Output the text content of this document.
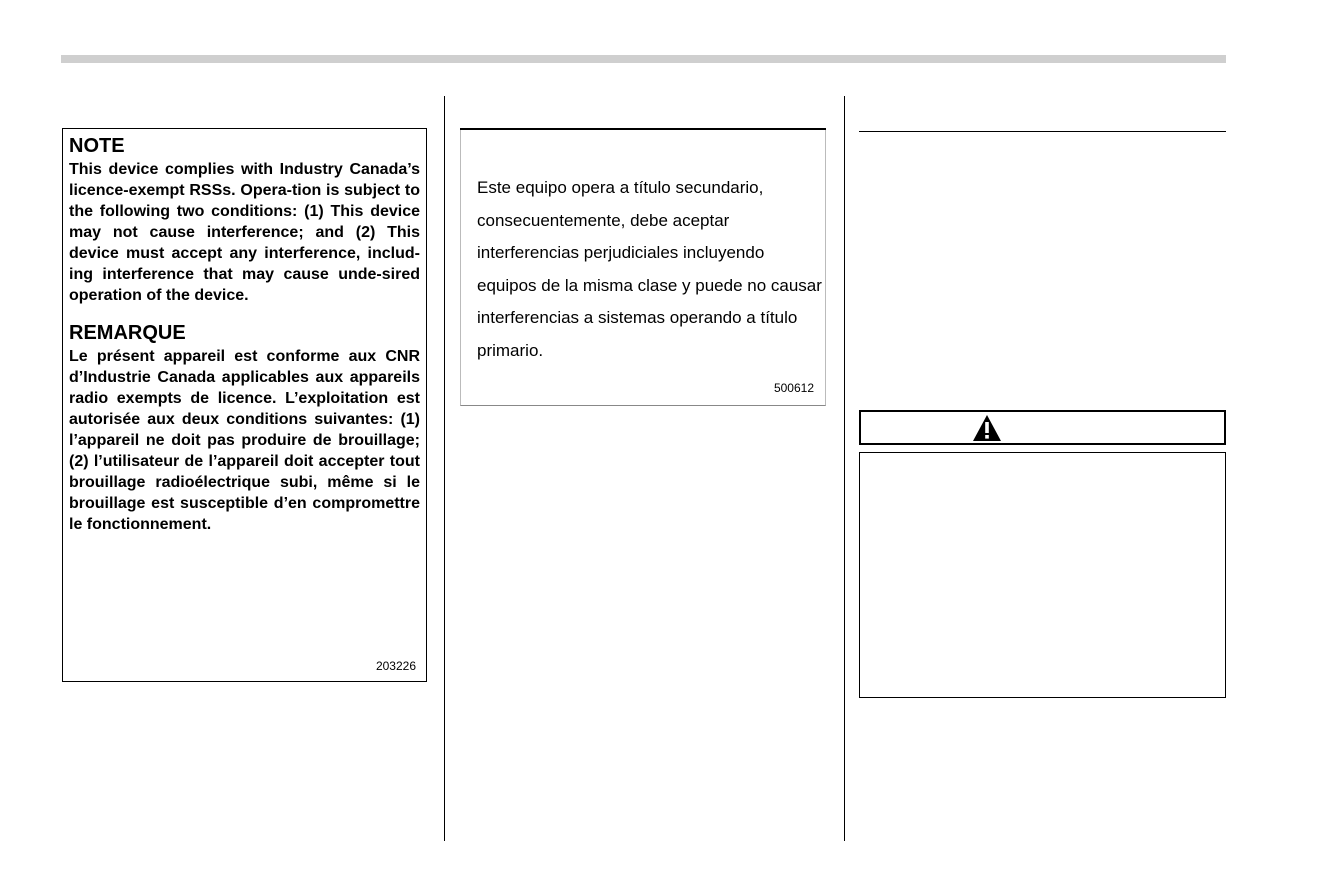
NOTE

This device complies with Industry Canada’s licence-exempt RSSs. Opera-tion is subject to the following two conditions: (1) This device may not cause interference; and (2) This device must accept any interference, includ-ing interference that may cause unde-sired operation of the device.

REMARQUE

Le présent appareil est conforme aux CNR d’Industrie Canada applicables aux appareils radio exempts de licence. L’exploitation est autorisée aux deux conditions suivantes: (1) l’appareil ne doit pas produire de brouillage; (2) l’utilisateur de l’appareil doit accepter tout brouillage radioélectrique subi, même si le brouillage est susceptible d’en compromettre le fonctionnement.

203226
Este equipo opera a título secundario, consecuentemente, debe aceptar interferencias perjudiciales incluyendo equipos de la misma clase y puede no causar interferencias a sistemas operando a título primario.
500612
